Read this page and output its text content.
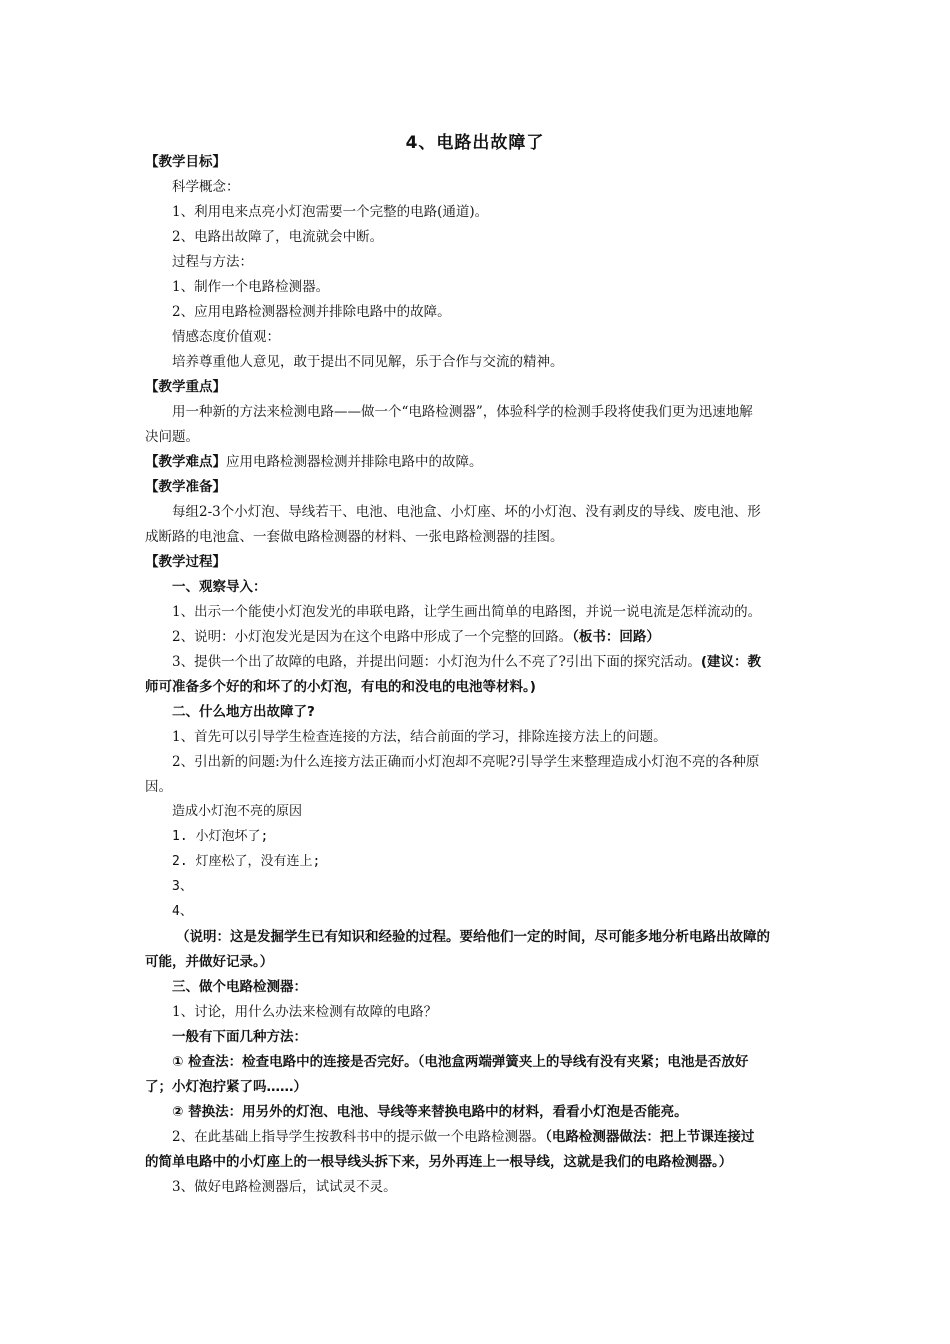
4、电路出故障了
【教学目标】
科学概念：
1、利用电来点亮小灯泡需要一个完整的电路(通道)。
2、电路出故障了，电流就会中断。
过程与方法：
1、制作一个电路检测器。
2、应用电路检测器检测并排除电路中的故障。
情感态度价值观：
培养尊重他人意见，敢于提出不同见解，乐于合作与交流的精神。
【教学重点】
用一种新的方法来检测电路——做一个“电路检测器”，体验科学的检测手段将使我们更为迅速地解
决问题。
【教学难点】应用电路检测器检测并排除电路中的故障。
【教学准备】
每组2-3个小灯泡、导线若干、电池、电池盒、小灯座、坏的小灯泡、没有剥皮的导线、废电池、形
成断路的电池盒、一套做电路检测器的材料、一张电路检测器的挂图。
【教学过程】
一、观察导入：
1、出示一个能使小灯泡发光的串联电路，让学生画出简单的电路图，并说一说电流是怎样流动的。
2、说明：小灯泡发光是因为在这个电路中形成了一个完整的回路。（板书：回路）
3、提供一个出了故障的电路，并提出问题：小灯泡为什么不亮了?引出下面的探究活动。(建议：教
师可准备多个好的和坏了的小灯泡，有电的和没电的电池等材料。)
二、什么地方出故障了?
1、首先可以引导学生检查连接的方法，结合前面的学习，排除连接方法上的问题。
2、引出新的问题:为什么连接方法正确而小灯泡却不亮呢?引导学生来整理造成小灯泡不亮的各种原
因。
造成小灯泡不亮的原因
1. 小灯泡坏了;
2. 灯座松了，没有连上;
3、
4、
（说明：这是发掘学生已有知识和经验的过程。要给他们一定的时间，尽可能多地分析电路出故障的
可能，并做好记录。）
三、做个电路检测器：
1、讨论，用什么办法来检测有故障的电路？
一般有下面几种方法：
① 检查法：检查电路中的连接是否完好。（电池盒两端弹簧夹上的导线有没有夹紧；电池是否放好
了；小灯泡拧紧了吗……）
② 替换法：用另外的灯泡、电池、导线等来替换电路中的材料，看看小灯泡是否能亮。
2、在此基础上指导学生按教科书中的提示做一个电路检测器。（电路检测器做法：把上节课连接过
的简单电路中的小灯座上的一根导线头拆下来，另外再连上一根导线，这就是我们的电路检测器。）
3、做好电路检测器后，试试灵不灵。
